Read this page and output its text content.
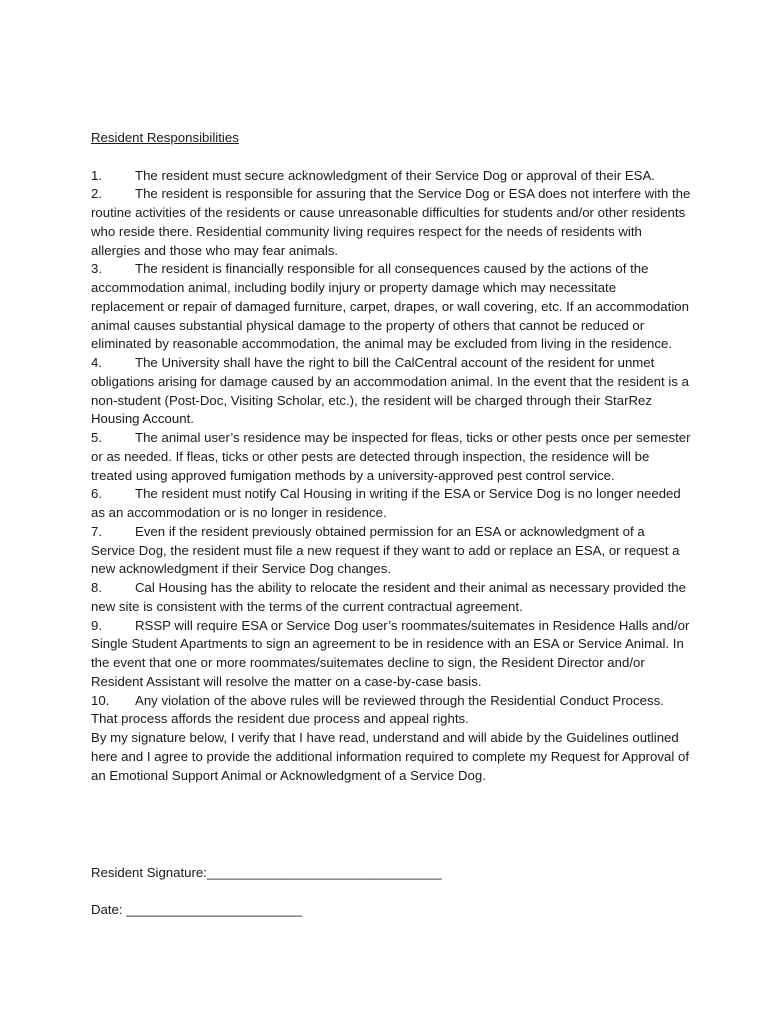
Resident Responsibilities

1. The resident must secure acknowledgment of their Service Dog or approval of their ESA.
2. The resident is responsible for assuring that the Service Dog or ESA does not interfere with the routine activities of the residents or cause unreasonable difficulties for students and/or other residents who reside there. Residential community living requires respect for the needs of residents with allergies and those who may fear animals.
3. The resident is financially responsible for all consequences caused by the actions of the accommodation animal, including bodily injury or property damage which may necessitate replacement or repair of damaged furniture, carpet, drapes, or wall covering, etc. If an accommodation animal causes substantial physical damage to the property of others that cannot be reduced or eliminated by reasonable accommodation, the animal may be excluded from living in the residence.
4. The University shall have the right to bill the CalCentral account of the resident for unmet obligations arising for damage caused by an accommodation animal. In the event that the resident is a non-student (Post-Doc, Visiting Scholar, etc.), the resident will be charged through their StarRez Housing Account.
5. The animal user’s residence may be inspected for fleas, ticks or other pests once per semester or as needed. If fleas, ticks or other pests are detected through inspection, the residence will be treated using approved fumigation methods by a university-approved pest control service.
6. The resident must notify Cal Housing in writing if the ESA or Service Dog is no longer needed as an accommodation or is no longer in residence.
7. Even if the resident previously obtained permission for an ESA or acknowledgment of a Service Dog, the resident must file a new request if they want to add or replace an ESA, or request a new acknowledgment if their Service Dog changes.
8. Cal Housing has the ability to relocate the resident and their animal as necessary provided the new site is consistent with the terms of the current contractual agreement.
9. RSSP will require ESA or Service Dog user’s roommates/suitemates in Residence Halls and/or Single Student Apartments to sign an agreement to be in residence with an ESA or Service Animal. In the event that one or more roommates/suitemates decline to sign, the Resident Director and/or Resident Assistant will resolve the matter on a case-by-case basis.
10. Any violation of the above rules will be reviewed through the Residential Conduct Process. That process affords the resident due process and appeal rights.

By my signature below, I verify that I have read, understand and will abide by the Guidelines outlined here and I agree to provide the additional information required to complete my Request for Approval of an Emotional Support Animal or Acknowledgment of a Service Dog.

Resident Signature:________________________________
Date: ________________________
